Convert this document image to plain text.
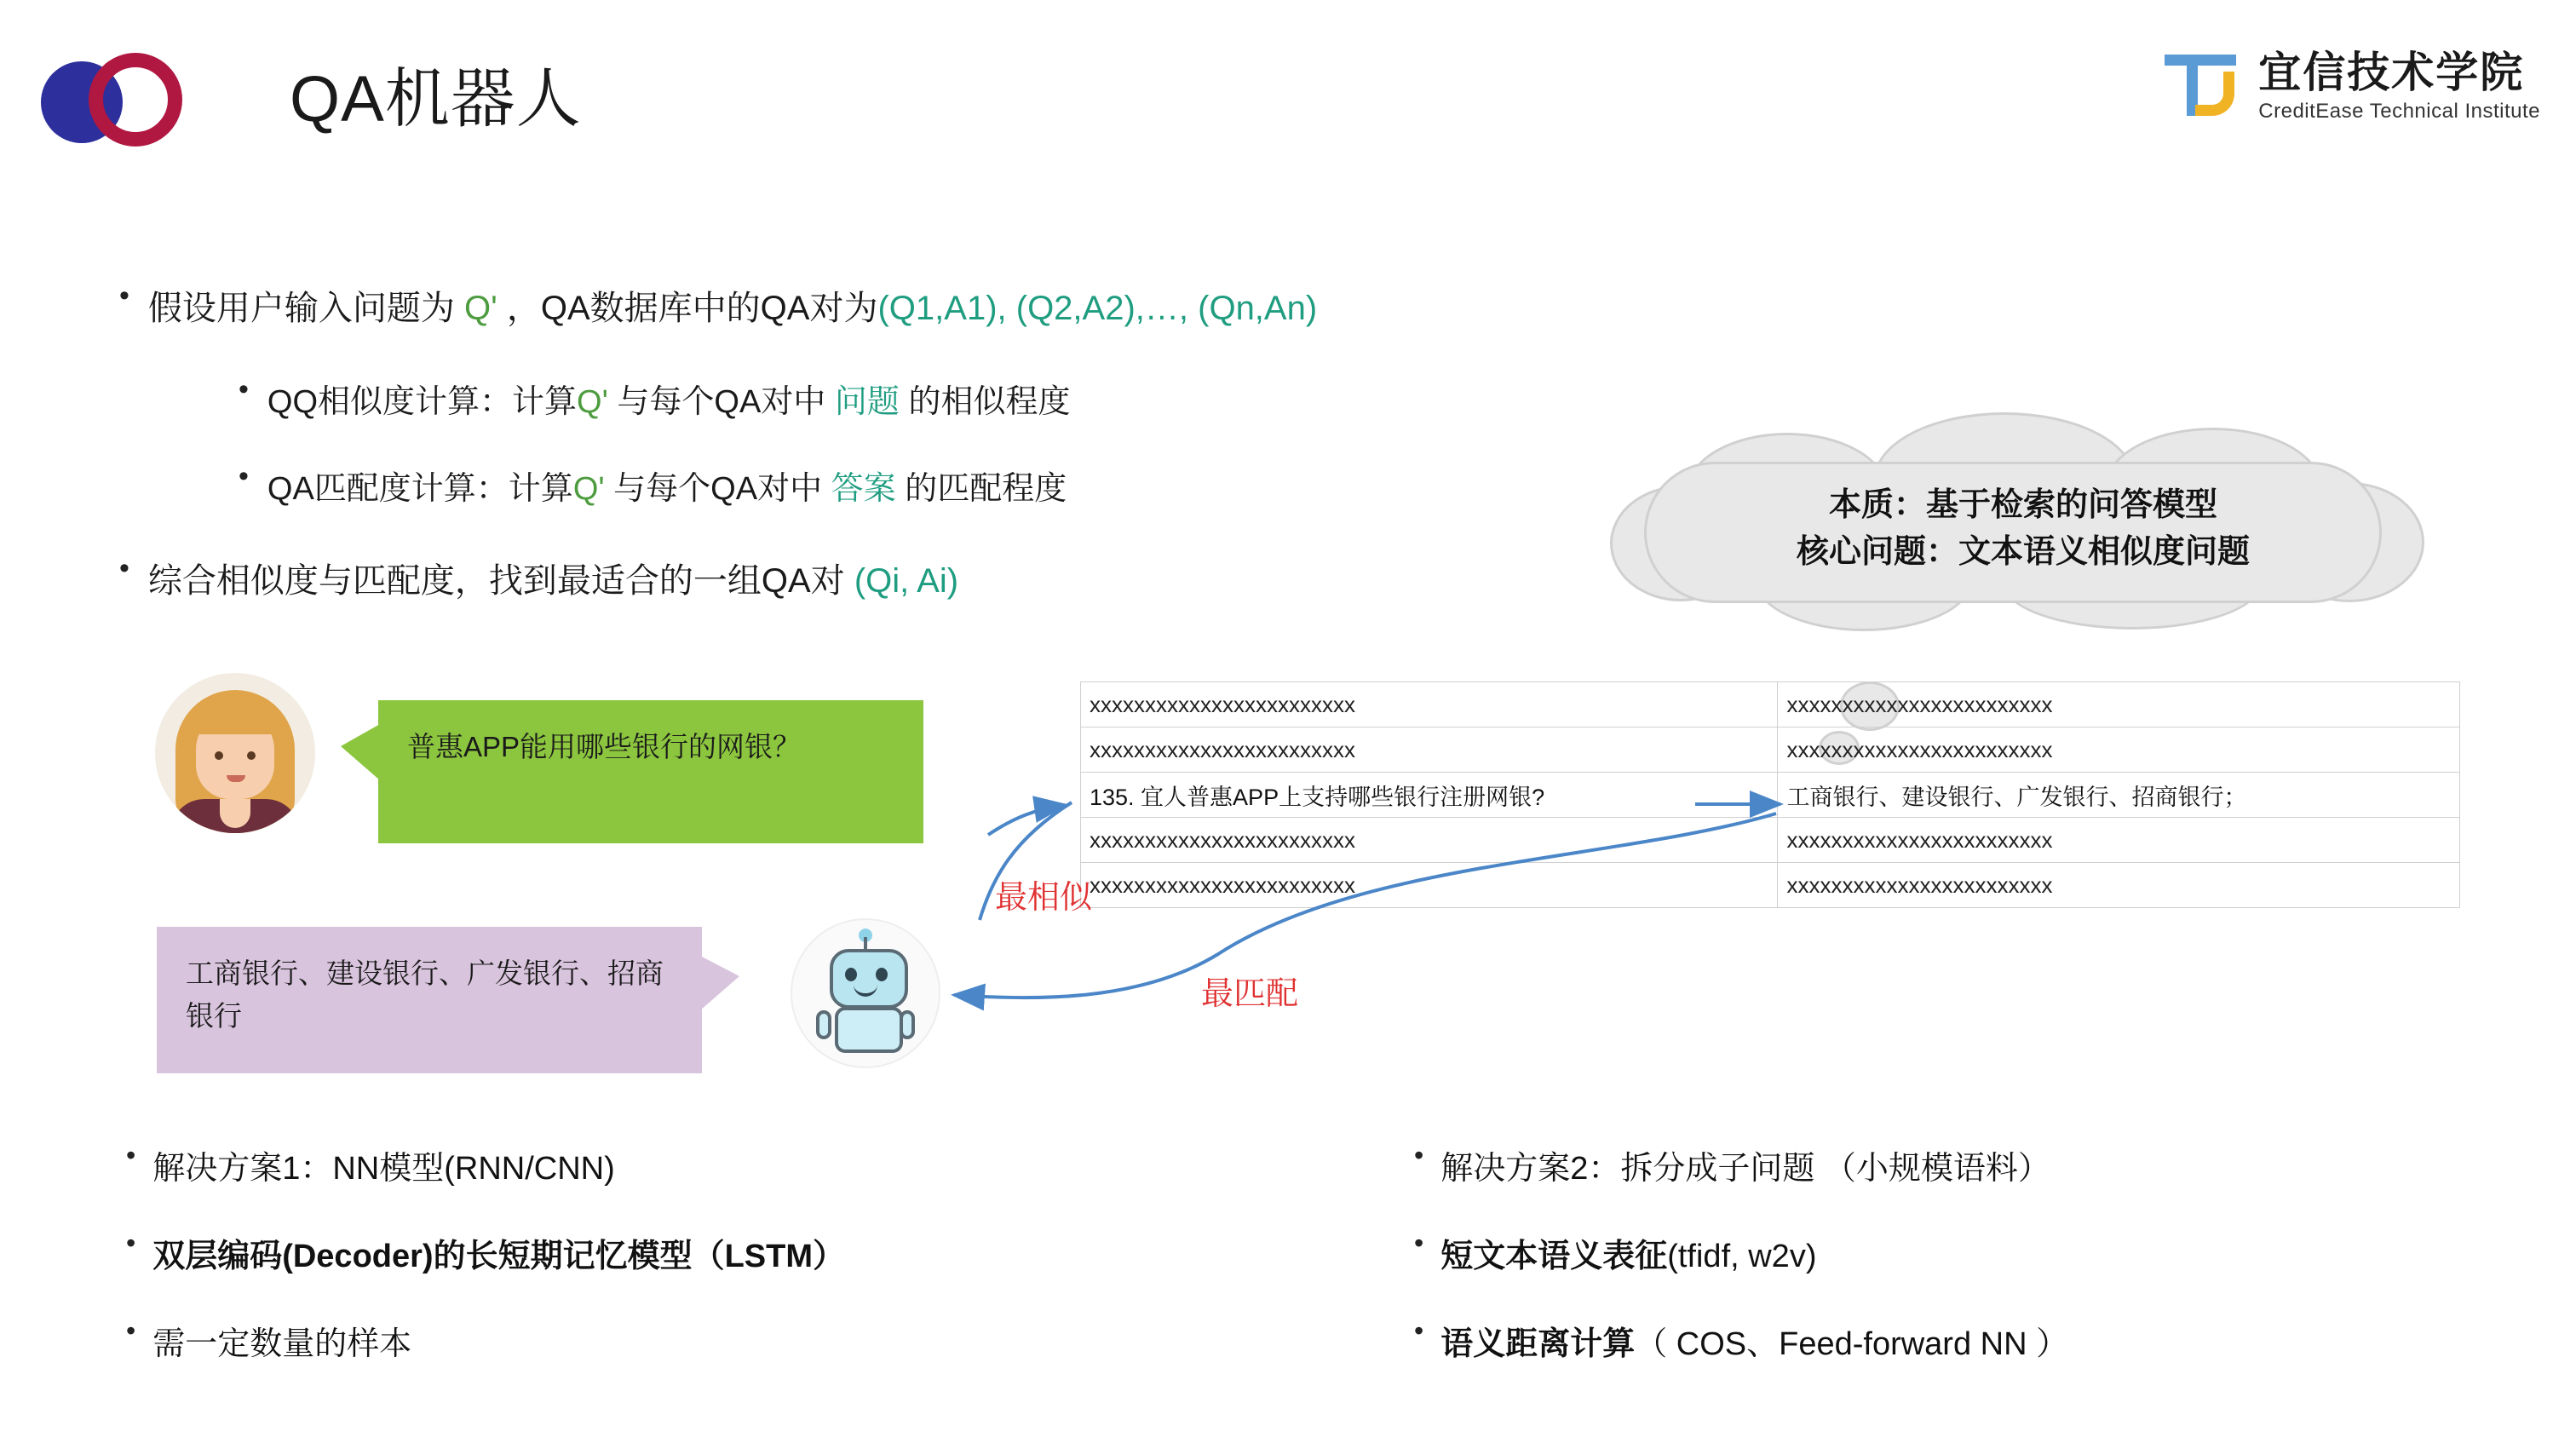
QA机器人	宜信技术学院
CreditEase Technical Institute
• 假设用户输入问题为 Q' ，QA数据库中的QA对为(Q1,A1), (Q2,A2),…, (Qn,An)
• QQ相似度计算：计算Q' 与每个QA对中 问题 的相似程度
• QA匹配度计算：计算Q' 与每个QA对中 答案 的匹配程度
• 综合相似度与匹配度，找到最适合的一组QA对 (Qi, Ai)
本质：基于检索的问答模型
核心问题：文本语义相似度问题
普惠APP能用哪些银行的网银？
工商银行、建设银行、广发银行、招商银行
xxxxxxxxxxxxxxxxxxxxxxxx	xxxxxxxxxxxxxxxxxxxxxxxx
xxxxxxxxxxxxxxxxxxxxxxxx	xxxxxxxxxxxxxxxxxxxxxxxx
135. 宜人普惠APP上支持哪些银行注册网银?	工商银行、建设银行、广发银行、招商银行；
xxxxxxxxxxxxxxxxxxxxxxxx	xxxxxxxxxxxxxxxxxxxxxxxx
xxxxxxxxxxxxxxxxxxxxxxxx	xxxxxxxxxxxxxxxxxxxxxxxx
最相似
最匹配
• 解决方案1：NN模型(RNN/CNN)
• 双层编码(Decoder)的长短期记忆模型（LSTM）
• 需一定数量的样本
• 解决方案2：拆分成子问题 （小规模语料）
• 短文本语义表征(tfidf, w2v)
• 语义距离计算（ COS、Feed-forward NN ）
